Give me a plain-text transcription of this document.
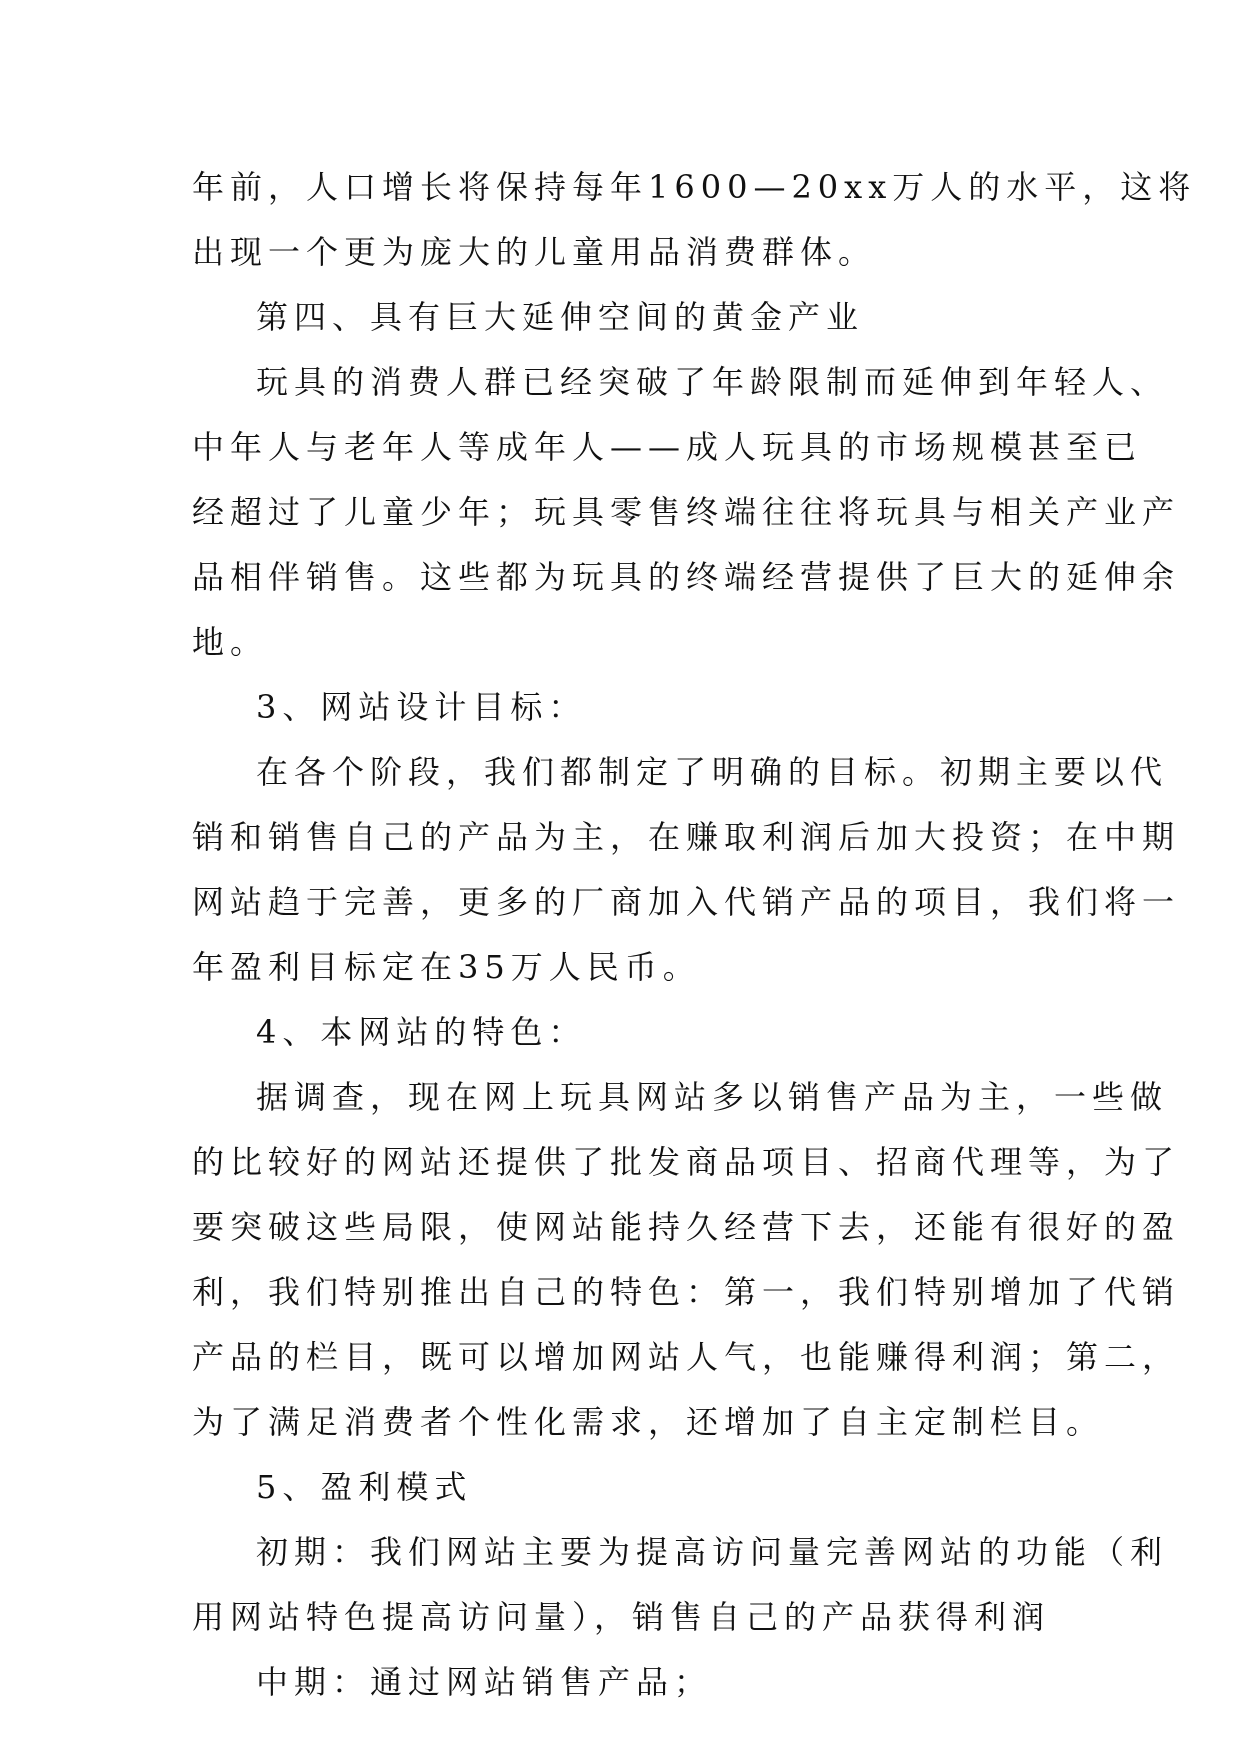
年前，人口增长将保持每年1600—20xx万人的水平，这将
出现一个更为庞大的儿童用品消费群体。
第四、具有巨大延伸空间的黄金产业
玩具的消费人群已经突破了年龄限制而延伸到年轻人、
中年人与老年人等成年人——成人玩具的市场规模甚至已
经超过了儿童少年；玩具零售终端往往将玩具与相关产业产
品相伴销售。这些都为玩具的终端经营提供了巨大的延伸余
地。
3、网站设计目标：
在各个阶段，我们都制定了明确的目标。初期主要以代
销和销售自己的产品为主，在赚取利润后加大投资；在中期
网站趋于完善，更多的厂商加入代销产品的项目，我们将一
年盈利目标定在35万人民币。
4、本网站的特色：
据调查，现在网上玩具网站多以销售产品为主，一些做
的比较好的网站还提供了批发商品项目、招商代理等，为了
要突破这些局限，使网站能持久经营下去，还能有很好的盈
利，我们特别推出自己的特色：第一，我们特别增加了代销
产品的栏目，既可以增加网站人气，也能赚得利润；第二，
为了满足消费者个性化需求，还增加了自主定制栏目。
5、盈利模式
初期：我们网站主要为提高访问量完善网站的功能（利
用网站特色提高访问量），销售自己的产品获得利润
中期：通过网站销售产品；
